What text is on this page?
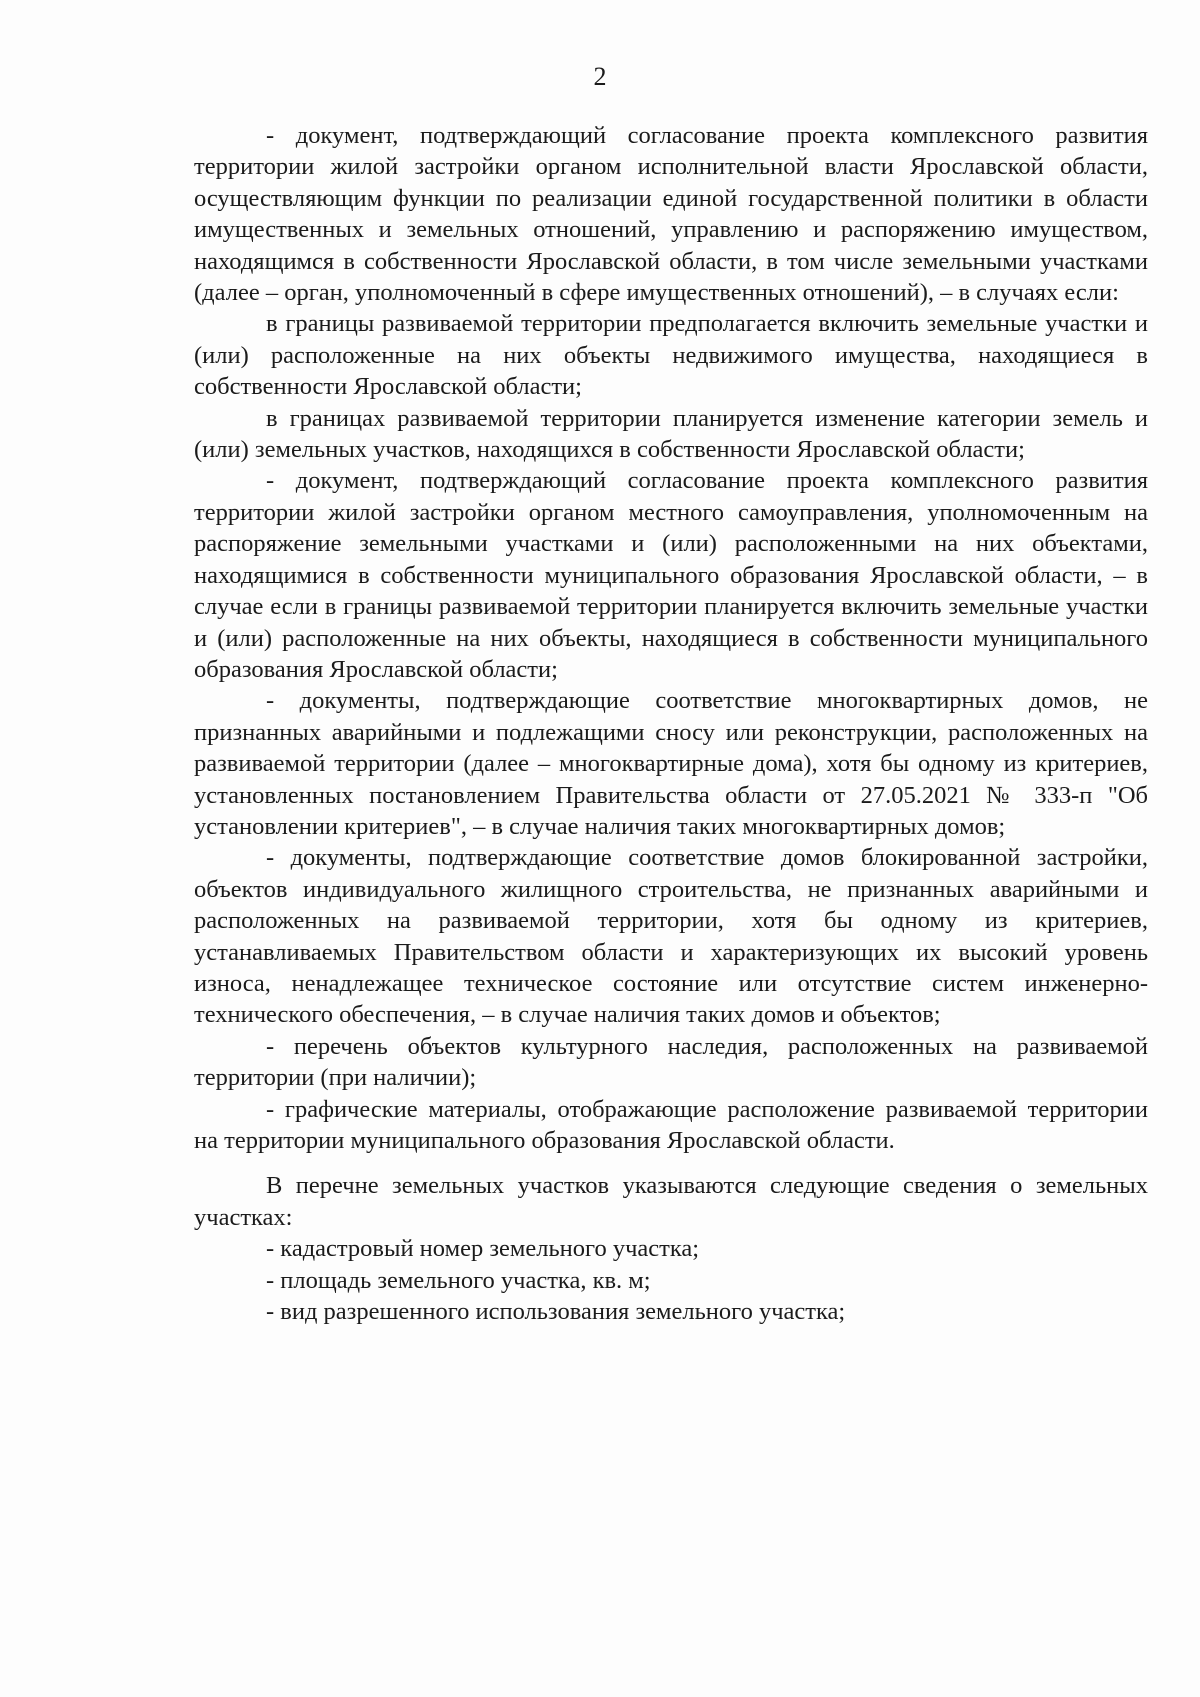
2

- документ, подтверждающий согласование проекта комплексного развития территории жилой застройки органом исполнительной власти Ярославской области, осуществляющим функции по реализации единой государственной политики в области имущественных и земельных отношений, управлению и распоряжению имуществом, находящимся в собственности Ярославской области, в том числе земельными участками (далее – орган, уполномоченный в сфере имущественных отношений), – в случаях если:

в границы развиваемой территории предполагается включить земельные участки и (или) расположенные на них объекты недвижимого имущества, находящиеся в собственности Ярославской области;

в границах развиваемой территории планируется изменение категории земель и (или) земельных участков, находящихся в собственности Ярославской области;

- документ, подтверждающий согласование проекта комплексного развития территории жилой застройки органом местного самоуправления, уполномоченным на распоряжение земельными участками и (или) расположенными на них объектами, находящимися в собственности муниципального образования Ярославской области, – в случае если в границы развиваемой территории планируется включить земельные участки и (или) расположенные на них объекты, находящиеся в собственности муниципального образования Ярославской области;

- документы, подтверждающие соответствие многоквартирных домов, не признанных аварийными и подлежащими сносу или реконструкции, расположенных на развиваемой территории (далее – многоквартирные дома), хотя бы одному из критериев, установленных постановлением Правительства области от 27.05.2021 № 333-п "Об установлении критериев", – в случае наличия таких многоквартирных домов;

- документы, подтверждающие соответствие домов блокированной застройки, объектов индивидуального жилищного строительства, не признанных аварийными и расположенных на развиваемой территории, хотя бы одному из критериев, устанавливаемых Правительством области и характеризующих их высокий уровень износа, ненадлежащее техническое состояние или отсутствие систем инженерно-технического обеспечения, – в случае наличия таких домов и объектов;

- перечень объектов культурного наследия, расположенных на развиваемой территории (при наличии);

- графические материалы, отображающие расположение развиваемой территории на территории муниципального образования Ярославской области.

В перечне земельных участков указываются следующие сведения о земельных участках:

- кадастровый номер земельного участка;

- площадь земельного участка, кв. м;

- вид разрешенного использования земельного участка;
